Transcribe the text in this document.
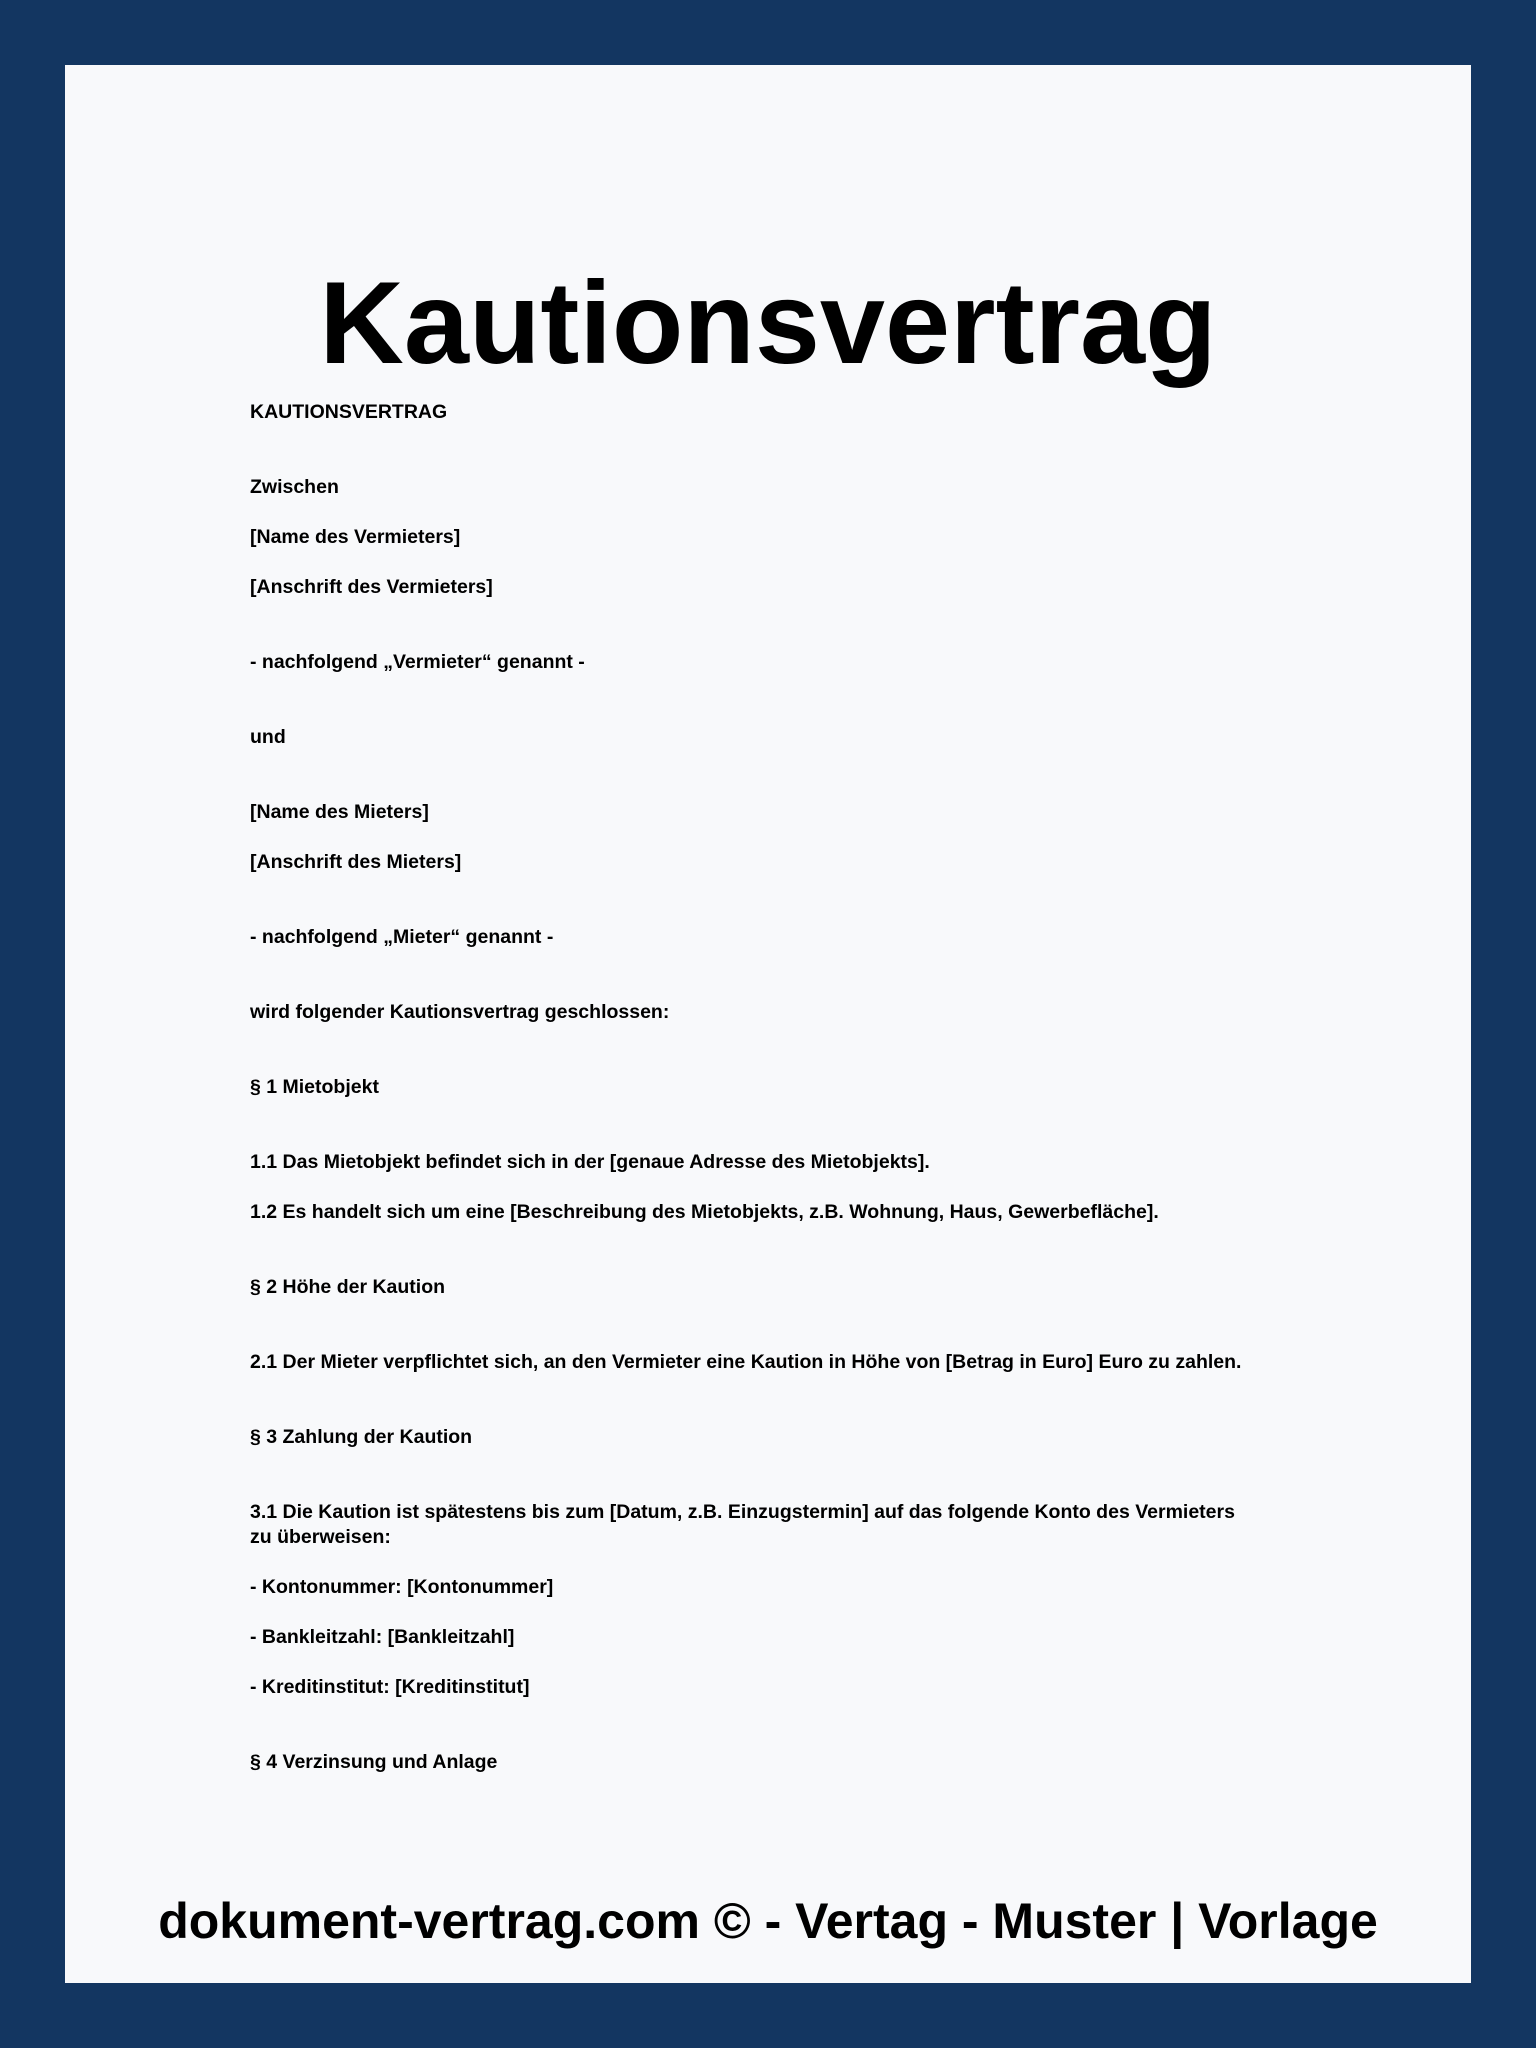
Kautionsvertrag

KAUTIONSVERTRAG

Zwischen

[Name des Vermieters]

[Anschrift des Vermieters]

- nachfolgend „Vermieter“ genannt -

und

[Name des Mieters]

[Anschrift des Mieters]

- nachfolgend „Mieter“ genannt -

wird folgender Kautionsvertrag geschlossen:

§ 1 Mietobjekt

1.1 Das Mietobjekt befindet sich in der [genaue Adresse des Mietobjekts].

1.2 Es handelt sich um eine [Beschreibung des Mietobjekts, z.B. Wohnung, Haus, Gewerbefläche].

§ 2 Höhe der Kaution

2.1 Der Mieter verpflichtet sich, an den Vermieter eine Kaution in Höhe von [Betrag in Euro] Euro zu zahlen.

§ 3 Zahlung der Kaution

3.1 Die Kaution ist spätestens bis zum [Datum, z.B. Einzugstermin] auf das folgende Konto des Vermieters
zu überweisen:

- Kontonummer: [Kontonummer]

- Bankleitzahl: [Bankleitzahl]

- Kreditinstitut: [Kreditinstitut]

§ 4 Verzinsung und Anlage

dokument-vertrag.com © - Vertag - Muster | Vorlage
